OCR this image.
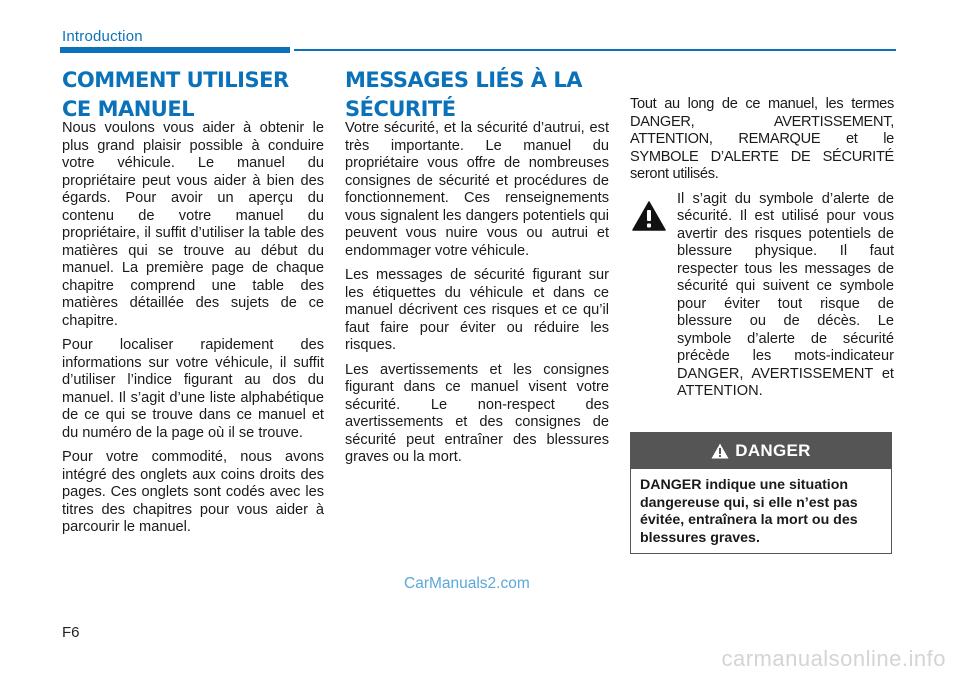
Introduction
COMMENT UTILISER
CE MANUEL

Nous voulons vous aider à obtenir le plus grand plaisir possible à conduire votre véhicule. Le manuel du propriétaire peut vous aider à bien des égards. Pour avoir un aperçu du contenu de votre manuel du propriétaire, il suffit d’utiliser la table des matières qui se trouve au début du manuel. La première page de chaque chapitre comprend une table des matières détaillée des sujets de ce chapitre.

Pour localiser rapidement des informations sur votre véhicule, il suffit d’utiliser l’indice figurant au dos du manuel. Il s’agit d’une liste alphabétique de ce qui se trouve dans ce manuel et du numéro de la page où il se trouve.

Pour votre commodité, nous avons intégré des onglets aux coins droits des pages. Ces onglets sont codés avec les titres des chapitres pour vous aider à parcourir le manuel.

MESSAGES LIÉS À LA
SÉCURITÉ

Votre sécurité, et la sécurité d’autrui, est très importante. Le manuel du propriétaire vous offre de nombreuses consignes de sécurité et procédures de fonctionnement. Ces renseignements vous signalent les dangers potentiels qui peuvent vous nuire vous ou autrui et endommager votre véhicule.

Les messages de sécurité figurant sur les étiquettes du véhicule et dans ce manuel décrivent ces risques et ce qu’il faut faire pour éviter ou réduire les risques.

Les avertissements et les consignes figurant dans ce manuel visent votre sécurité. Le non-respect des avertissements et des consignes de sécurité peut entraîner des blessures graves ou la mort.

Tout au long de ce manuel, les termes DANGER, AVERTISSEMENT, ATTENTION, REMARQUE et le SYMBOLE D’ALERTE DE SÉCURITÉ seront utilisés.

Il s’agit du symbole d’alerte de sécurité. Il est utilisé pour vous avertir des risques potentiels de blessure physique. Il faut respecter tous les messages de sécurité qui suivent ce symbole pour éviter tout risque de blessure ou de décès. Le symbole d’alerte de sécurité précède les mots-indicateur DANGER, AVERTISSEMENT et ATTENTION.
DANGER
DANGER indique une situation dangereuse qui, si elle n’est pas évitée, entraînera la mort ou des blessures graves.
CarManuals2.com
F6
carmanualsonline.info
